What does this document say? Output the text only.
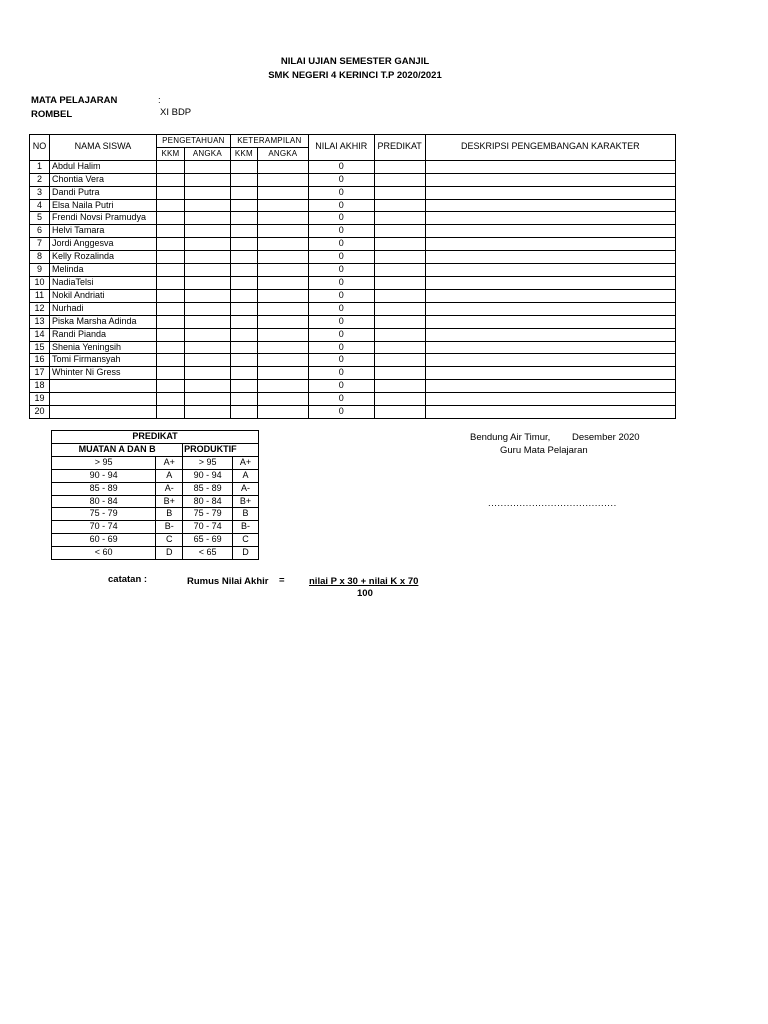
NILAI UJIAN SEMESTER GANJIL
SMK NEGERI 4 KERINCI T.P 2020/2021
MATA PELAJARAN	:
ROMBEL	XI BDP
NO	NAMA SISWA	PENGETAHUAN		KETERAMPILAN		NILAI AKHIR	PREDIKAT	DESKRIPSI PENGEMBANGAN KARAKTER
		KKM	ANGKA	KKM	ANGKA			
1	Abdul Halim					0		
2	Chontia Vera					0		
3	Dandi Putra					0		
4	Elsa Naila Putri					0		
5	Frendi Novsi Pramudya					0		
6	Helvi Tamara					0		
7	Jordi Anggesva					0		
8	Kelly Rozalinda					0		
9	Melinda					0		
10	NadiaTelsi					0		
11	Nokil Andriati					0		
12	Nurhadi					0		
13	Piska Marsha Adinda					0		
14	Randi Pianda					0		
15	Shenia Yeningsih					0		
16	Tomi Firmansyah					0		
17	Whinter Ni Gress					0		
18						0		
19						0		
20						0		
PREDIKAT			
MUATAN A DAN B		PRODUKTIF	
> 95	A+	> 95	A+
90 - 94	A	90 - 94	A
85 - 89	A-	85 - 89	A-
80 - 84	B+	80 - 84	B+
75 - 79	B	75 - 79	B
70 - 74	B-	70 - 74	B-
60 - 69	C	65 - 69	C
< 60	D	< 65	D
Bendung Air Timur, Desember 2020
Guru Mata Pelajaran
.........................................
catatan :	Rumus Nilai Akhir =	nilai P x 30 + nilai K x 70
100
